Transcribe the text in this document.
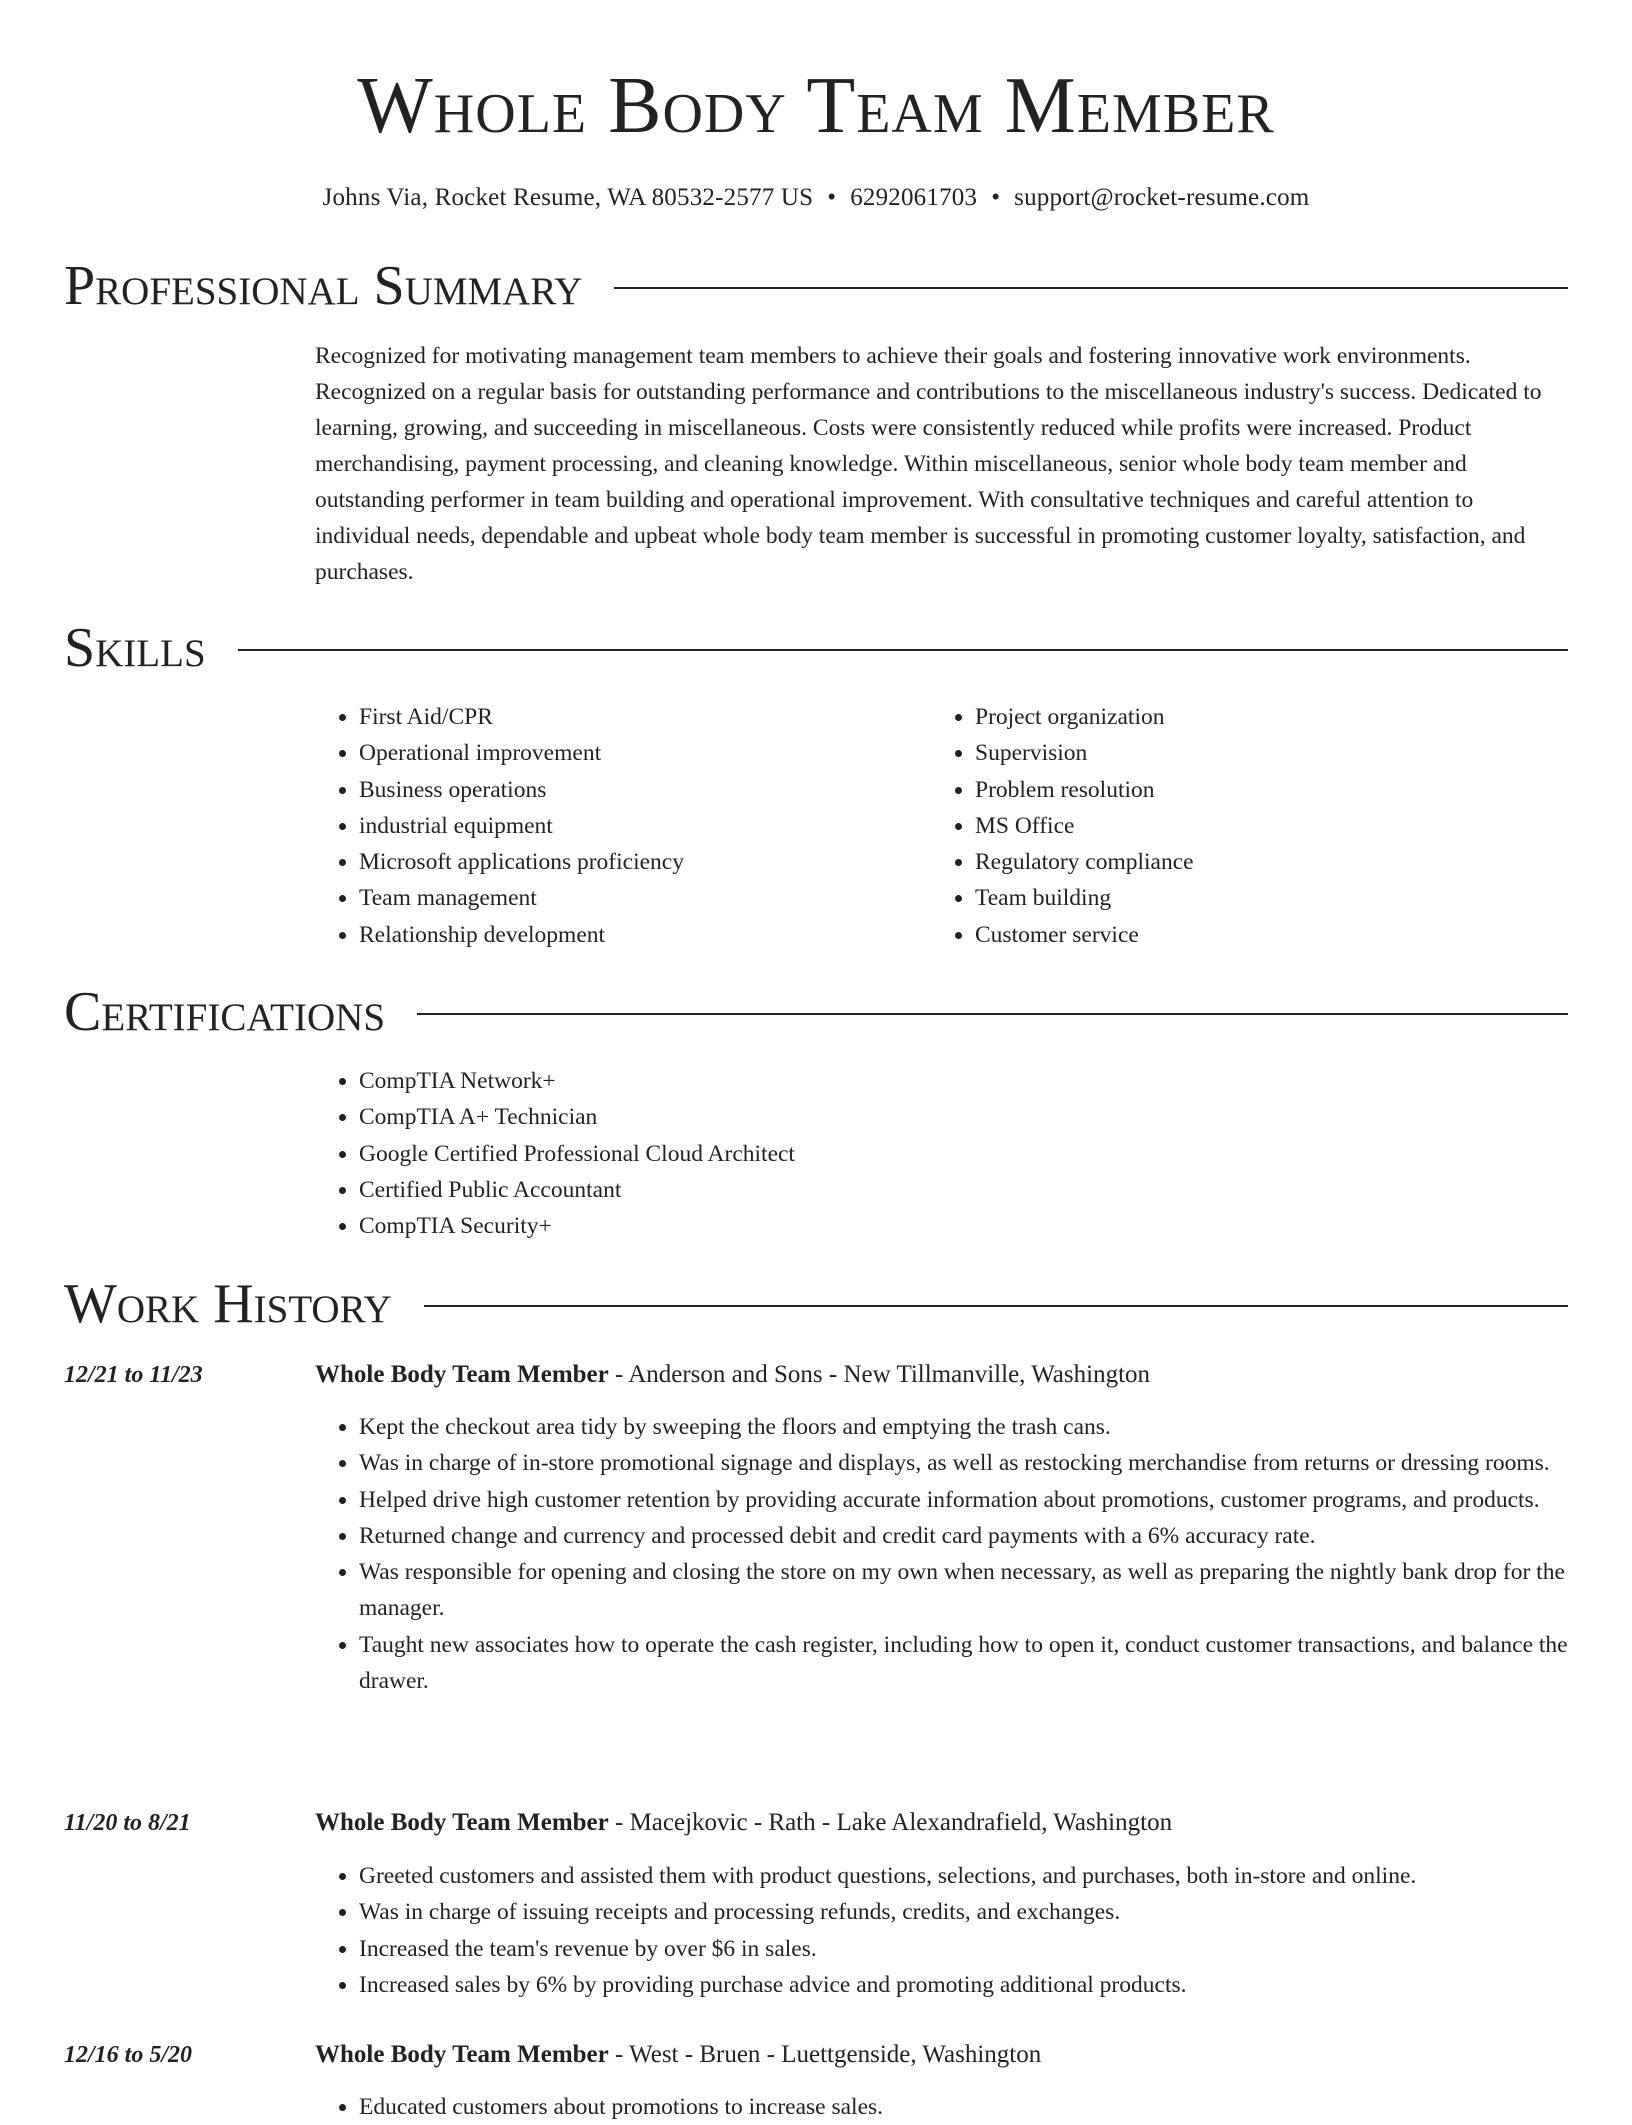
Whole Body Team Member
Johns Via, Rocket Resume, WA 80532-2577 US • 6292061703 • support@rocket-resume.com
Professional Summary

Recognized for motivating management team members to achieve their goals and fostering innovative work environments. Recognized on a regular basis for outstanding performance and contributions to the miscellaneous industry's success. Dedicated to learning, growing, and succeeding in miscellaneous. Costs were consistently reduced while profits were increased. Product merchandising, payment processing, and cleaning knowledge. Within miscellaneous, senior whole body team member and outstanding performer in team building and operational improvement. With consultative techniques and careful attention to individual needs, dependable and upbeat whole body team member is successful in promoting customer loyalty, satisfaction, and purchases.

Skills
• First Aid/CPR
• Operational improvement
• Business operations
• industrial equipment
• Microsoft applications proficiency
• Team management
• Relationship development
• Project organization
• Supervision
• Problem resolution
• MS Office
• Regulatory compliance
• Team building
• Customer service
Certifications
• CompTIA Network+
• CompTIA A+ Technician
• Google Certified Professional Cloud Architect
• Certified Public Accountant
• CompTIA Security+
Work History
12/21 to 11/23	Whole Body Team Member - Anderson and Sons - New Tillmanville, Washington
• Kept the checkout area tidy by sweeping the floors and emptying the trash cans.
• Was in charge of in-store promotional signage and displays, as well as restocking merchandise from returns or dressing rooms.
• Helped drive high customer retention by providing accurate information about promotions, customer programs, and products.
• Returned change and currency and processed debit and credit card payments with a 6% accuracy rate.
• Was responsible for opening and closing the store on my own when necessary, as well as preparing the nightly bank drop for the manager.
• Taught new associates how to operate the cash register, including how to open it, conduct customer transactions, and balance the drawer.
11/20 to 8/21	Whole Body Team Member - Macejkovic - Rath - Lake Alexandrafield, Washington
• Greeted customers and assisted them with product questions, selections, and purchases, both in-store and online.
• Was in charge of issuing receipts and processing refunds, credits, and exchanges.
• Increased the team's revenue by over $6 in sales.
• Increased sales by 6% by providing purchase advice and promoting additional products.
12/16 to 5/20	Whole Body Team Member - West - Bruen - Luettgenside, Washington
• Educated customers about promotions to increase sales.
